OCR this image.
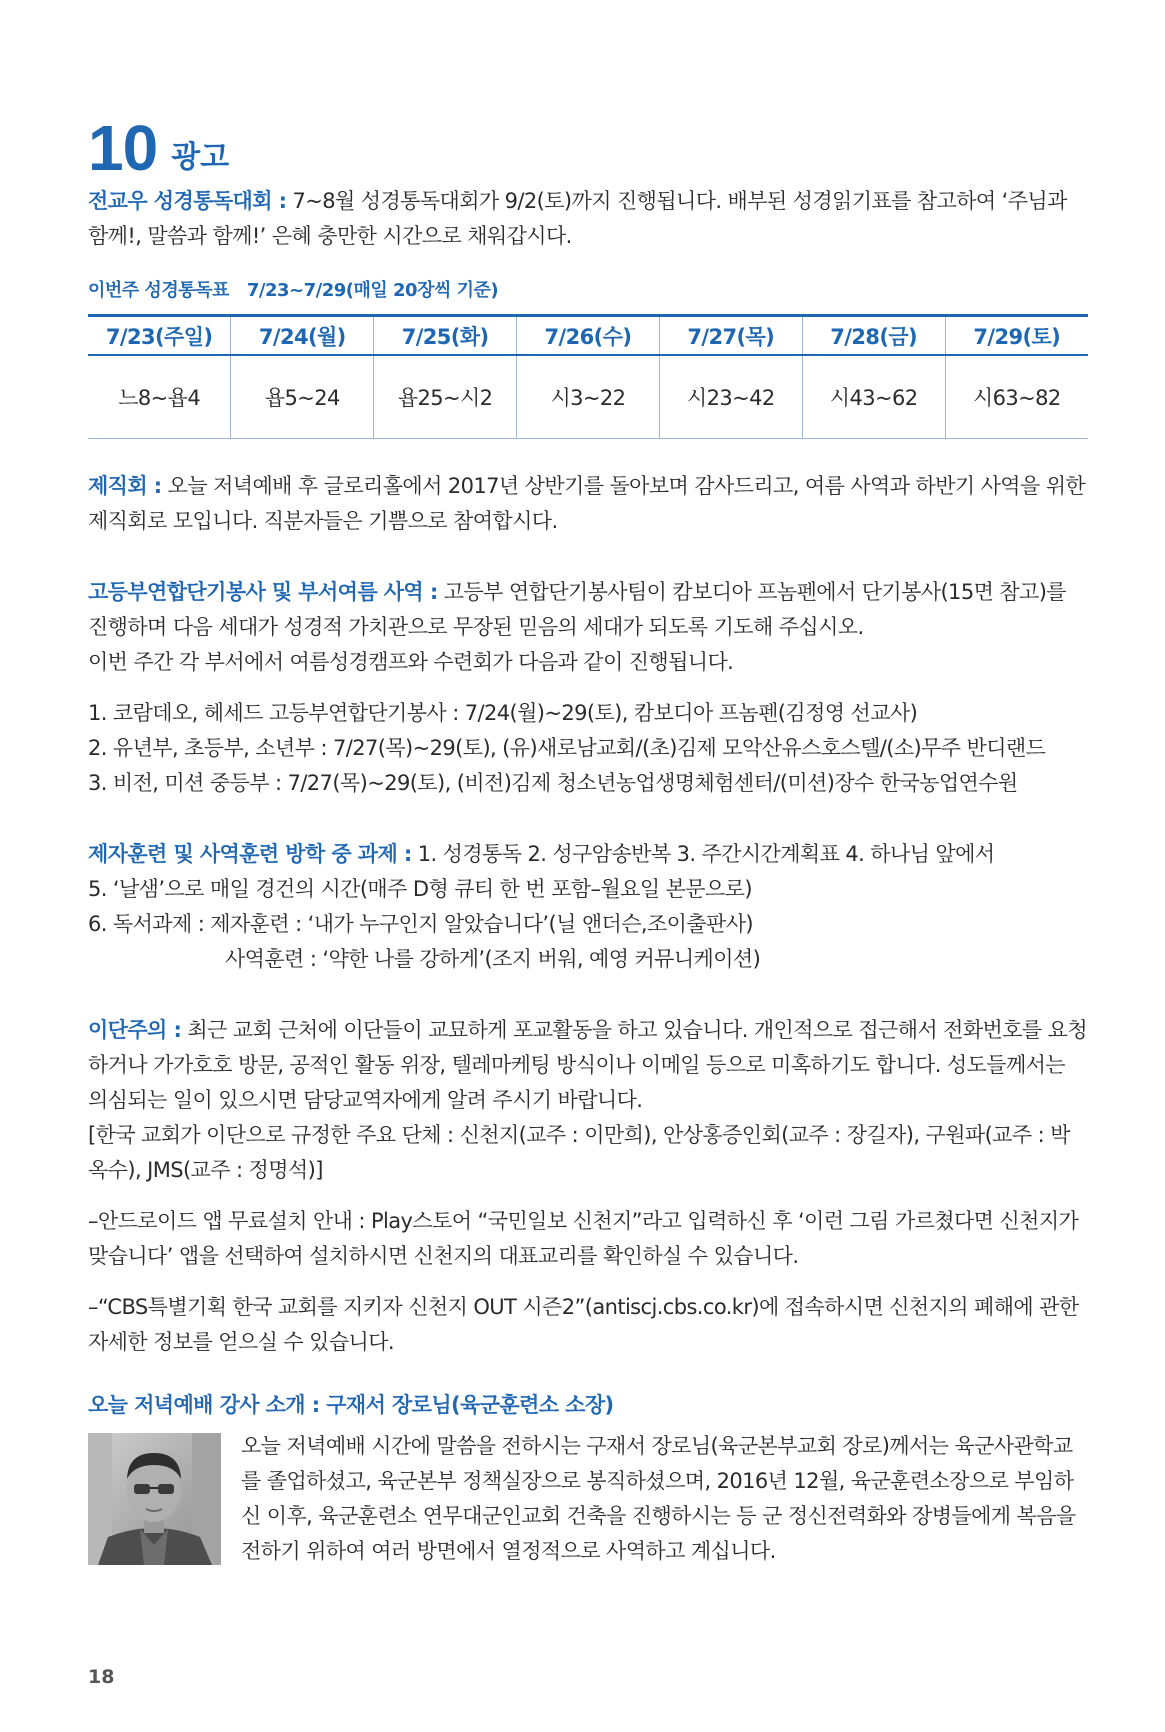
10 광고

전교우 성경통독대회 : 7~8월 성경통독대회가 9/2(토)까지 진행됩니다. 배부된 성경읽기표를 참고하여 ‘주님과 함께!, 말씀과 함께!’ 은혜 충만한 시간으로 채워갑시다.

이번주 성경통독표 7/23~7/29(매일 20장씩 기준)
7/23(주일)	7/24(월)	7/25(화)	7/26(수)	7/27(목)	7/28(금)	7/29(토)
느8~욥4	욥5~24	욥25~시2	시3~22	시23~42	시43~62	시63~82

제직회 : 오늘 저녁예배 후 글로리홀에서 2017년 상반기를 돌아보며 감사드리고, 여름 사역과 하반기 사역을 위한 제직회로 모입니다. 직분자들은 기쁨으로 참여합시다.

고등부연합단기봉사 및 부서여름 사역 : 고등부 연합단기봉사팀이 캄보디아 프놈펜에서 단기봉사(15면 참고)를 진행하며 다음 세대가 성경적 가치관으로 무장된 믿음의 세대가 되도록 기도해 주십시오.

이번 주간 각 부서에서 여름성경캠프와 수련회가 다음과 같이 진행됩니다.

1. 코람데오, 헤세드 고등부연합단기봉사 : 7/24(월)~29(토), 캄보디아 프놈펜(김정영 선교사)

2. 유년부, 초등부, 소년부 : 7/27(목)~29(토), (유)새로남교회/(초)김제 모악산유스호스텔/(소)무주 반디랜드

3. 비전, 미션 중등부 : 7/27(목)~29(토), (비전)김제 청소년농업생명체험센터/(미션)장수 한국농업연수원

제자훈련 및 사역훈련 방학 중 과제 : 1. 성경통독 2. 성구암송반복 3. 주간시간계획표 4. 하나님 앞에서

5. ‘날샘’으로 매일 경건의 시간(매주 D형 큐티 한 번 포함–월요일 본문으로)

6. 독서과제 : 제자훈련 : ‘내가 누구인지 알았습니다’(닐 앤더슨,조이출판사)

사역훈련 : ‘약한 나를 강하게’(조지 버워, 예영 커뮤니케이션)

이단주의 : 최근 교회 근처에 이단들이 교묘하게 포교활동을 하고 있습니다. 개인적으로 접근해서 전화번호를 요청하거나 가가호호 방문, 공적인 활동 위장, 텔레마케팅 방식이나 이메일 등으로 미혹하기도 합니다. 성도들께서는 의심되는 일이 있으시면 담당교역자에게 알려 주시기 바랍니다.

[한국 교회가 이단으로 규정한 주요 단체 : 신천지(교주 : 이만희), 안상홍증인회(교주 : 장길자), 구원파(교주 : 박옥수), JMS(교주 : 정명석)]

–안드로이드 앱 무료설치 안내 : Play스토어 “국민일보 신천지”라고 입력하신 후 ‘이런 그림 가르쳤다면 신천지가 맞습니다’ 앱을 선택하여 설치하시면 신천지의 대표교리를 확인하실 수 있습니다.

–“CBS특별기획 한국 교회를 지키자 신천지 OUT 시즌2”(antiscj.cbs.co.kr)에 접속하시면 신천지의 폐해에 관한 자세한 정보를 얻으실 수 있습니다.

오늘 저녁예배 강사 소개 : 구재서 장로님(육군훈련소 소장)

오늘 저녁예배 시간에 말씀을 전하시는 구재서 장로님(육군본부교회 장로)께서는 육군사관학교를 졸업하셨고, 육군본부 정책실장으로 봉직하셨으며, 2016년 12월, 육군훈련소장으로 부임하신 이후, 육군훈련소 연무대군인교회 건축을 진행하시는 등 군 정신전력화와 장병들에게 복음을 전하기 위하여 여러 방면에서 열정적으로 사역하고 계십니다.

18
